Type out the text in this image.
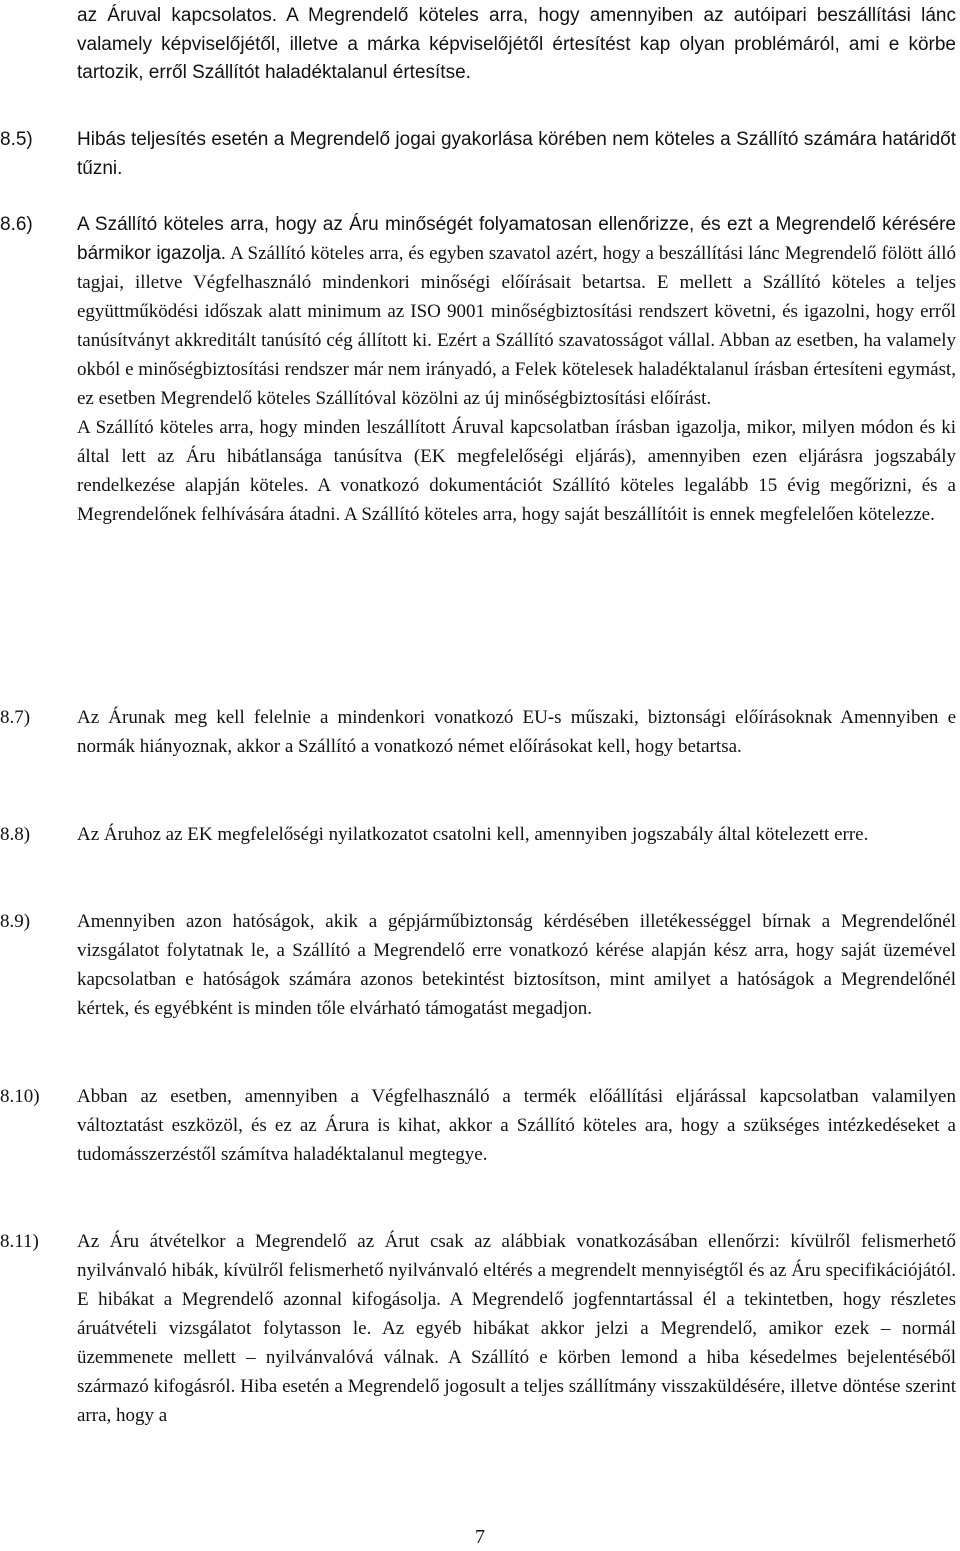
az Áruval kapcsolatos. A Megrendelő köteles arra, hogy amennyiben az autóipari beszállítási lánc valamely képviselőjétől, illetve a márka képviselőjétől értesítést kap olyan problémáról, ami e körbe tartozik, erről Szállítót haladéktalanul értesítse.

8.5) Hibás teljesítés esetén a Megrendelő jogai gyakorlása körében nem köteles a Szállító számára határidőt tűzni.
8.6) A Szállító köteles arra, hogy az Áru minőségét folyamatosan ellenőrizze, és ezt a Megrendelő kérésére bármikor igazolja. A Szállító köteles arra, és egyben szavatol azért, hogy a beszállítási lánc Megrendelő fölött álló tagjai, illetve Végfelhasználó mindenkori minőségi előírásait betartsa. E mellett a Szállító köteles a teljes együttműködési időszak alatt minimum az ISO 9001 minőségbiztosítási rendszert követni, és igazolni, hogy erről tanúsítványt akkreditált tanúsító cég állított ki. Ezért a Szállító szavatosságot vállal. Abban az esetben, ha valamely okból e minőségbiztosítási rendszer már nem irányadó, a Felek kötelesek haladéktalanul írásban értesíteni egymást, ez esetben Megrendelő köteles Szállítóval közölni az új minőségbiztosítási előírást.

A Szállító köteles arra, hogy minden leszállított Áruval kapcsolatban írásban igazolja, mikor, milyen módon és ki által lett az Áru hibátlansága tanúsítva (EK megfelelőségi eljárás), amennyiben ezen eljárásra jogszabály rendelkezése alapján köteles. A vonatkozó dokumentációt Szállító köteles legalább 15 évig megőrizni, és a Megrendelőnek felhívására átadni. A Szállító köteles arra, hogy saját beszállítóit is ennek megfelelően kötelezze.

8.7) Az Árunak meg kell felelnie a mindenkori vonatkozó EU-s műszaki, biztonsági előírásoknak Amennyiben e normák hiányoznak, akkor a Szállító a vonatkozó német előírásokat kell, hogy betartsa.
8.8) Az Áruhoz az EK megfelelőségi nyilatkozatot csatolni kell, amennyiben jogszabály által kötelezett erre.
8.9) Amennyiben azon hatóságok, akik a gépjárműbiztonság kérdésében illetékességgel bírnak a Megrendelőnél vizsgálatot folytatnak le, a Szállító a Megrendelő erre vonatkozó kérése alapján kész arra, hogy saját üzemével kapcsolatban e hatóságok számára azonos betekintést biztosítson, mint amilyet a hatóságok a Megrendelőnél kértek, és egyébként is minden tőle elvárható támogatást megadjon.
8.10) Abban az esetben, amennyiben a Végfelhasználó a termék előállítási eljárással kapcsolatban valamilyen változtatást eszközöl, és ez az Árura is kihat, akkor a Szállító köteles ara, hogy a szükséges intézkedéseket a tudomásszerzéstől számítva haladéktalanul megtegye.
8.11) Az Áru átvételkor a Megrendelő az Árut csak az alábbiak vonatkozásában ellenőrzi: kívülről felismerhető nyilvánvaló hibák, kívülről felismerhető nyilvánvaló eltérés a megrendelt mennyiségtől és az Áru specifikációjától. E hibákat a Megrendelő azonnal kifogásolja. A Megrendelő jogfenntartással él a tekintetben, hogy részletes áruátvételi vizsgálatot folytasson le. Az egyéb hibákat akkor jelzi a Megrendelő, amikor ezek – normál üzemmenete mellett – nyilvánvalóvá válnak. A Szállító e körben lemond a hiba késedelmes bejelentéséből származó kifogásról. Hiba esetén a Megrendelő jogosult a teljes szállítmány visszaküldésére, illetve döntése szerint arra, hogy a
7
